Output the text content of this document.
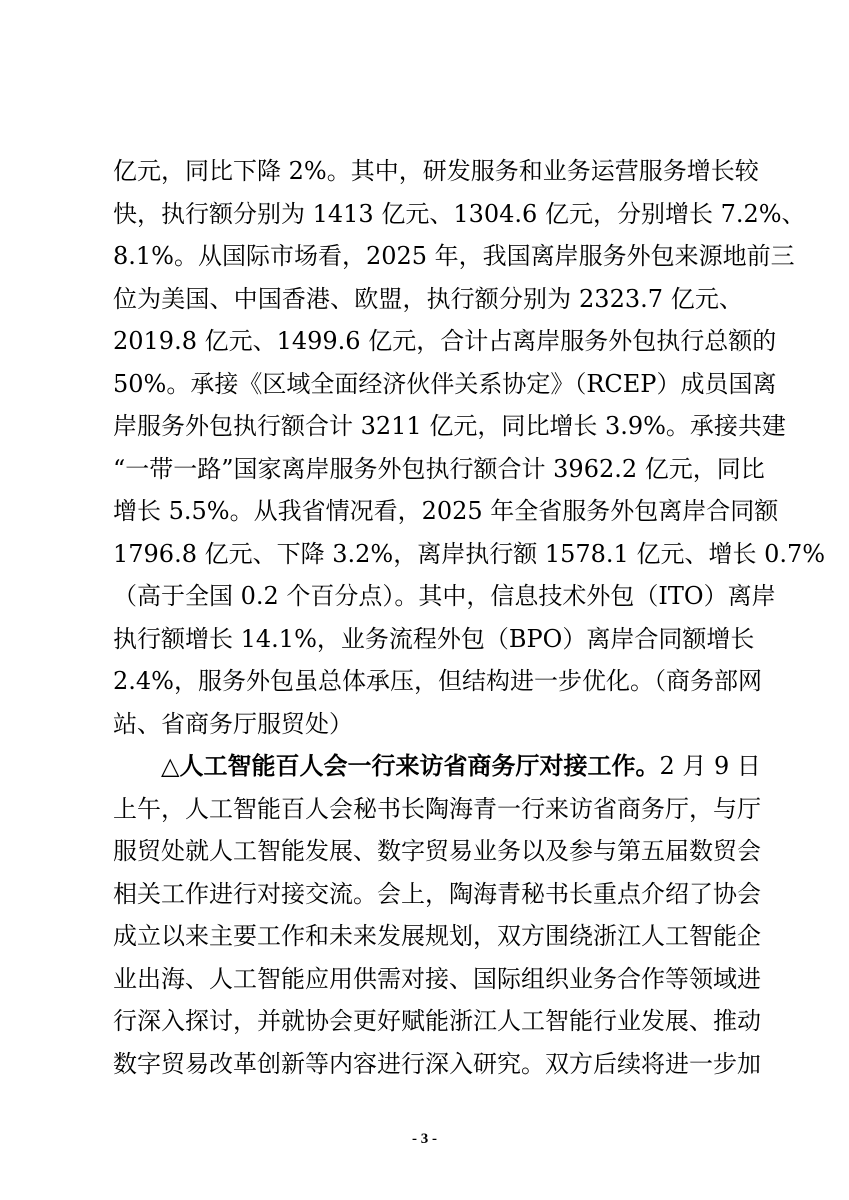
亿元，同比下降 2%。其中，研发服务和业务运营服务增长较
快，执行额分别为 1413 亿元、1304.6 亿元，分别增长 7.2%、
8.1%。从国际市场看，2025 年，我国离岸服务外包来源地前三
位为美国、中国香港、欧盟，执行额分别为 2323.7 亿元、
2019.8 亿元、1499.6 亿元，合计占离岸服务外包执行总额的
50%。承接《区域全面经济伙伴关系协定》（RCEP）成员国离
岸服务外包执行额合计 3211 亿元，同比增长 3.9%。承接共建
“一带一路”国家离岸服务外包执行额合计 3962.2 亿元，同比
增长 5.5%。从我省情况看，2025 年全省服务外包离岸合同额
1796.8 亿元、下降 3.2%，离岸执行额 1578.1 亿元、增长 0.7%
（高于全国 0.2 个百分点）。其中，信息技术外包（ITO）离岸
执行额增长 14.1%，业务流程外包（BPO）离岸合同额增长
2.4%，服务外包虽总体承压，但结构进一步优化。（商务部网
站、省商务厅服贸处）
△人工智能百人会一行来访省商务厅对接工作。2 月 9 日
上午，人工智能百人会秘书长陶海青一行来访省商务厅，与厅
服贸处就人工智能发展、数字贸易业务以及参与第五届数贸会
相关工作进行对接交流。会上，陶海青秘书长重点介绍了协会
成立以来主要工作和未来发展规划，双方围绕浙江人工智能企
业出海、人工智能应用供需对接、国际组织业务合作等领域进
行深入探讨，并就协会更好赋能浙江人工智能行业发展、推动
数字贸易改革创新等内容进行深入研究。双方后续将进一步加
- 3 -
